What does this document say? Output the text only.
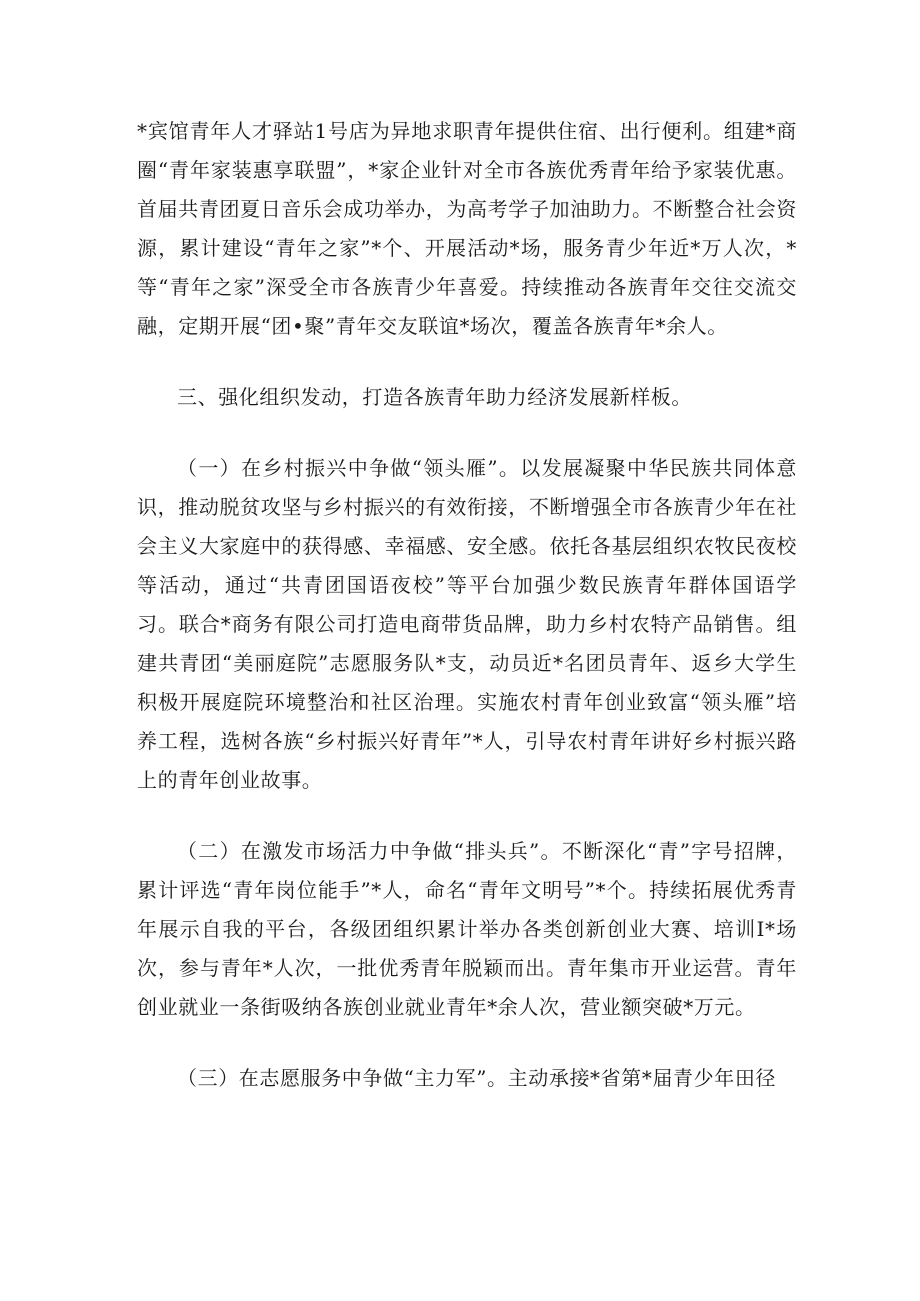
*宾馆青年人才驿站1号店为异地求职青年提供住宿、出行便利。组建*商圈“青年家装惠享联盟”，*家企业针对全市各族优秀青年给予家装优惠。首届共青团夏日音乐会成功举办，为高考学子加油助力。不断整合社会资源，累计建设“青年之家”*个、开展活动*场，服务青少年近*万人次，*等“青年之家”深受全市各族青少年喜爱。持续推动各族青年交往交流交融，定期开展“团•聚”青年交友联谊*场次，覆盖各族青年*余人。

三、强化组织发动，打造各族青年助力经济发展新样板。

（一）在乡村振兴中争做“领头雁”。以发展凝聚中华民族共同体意识，推动脱贫攻坚与乡村振兴的有效衔接，不断增强全市各族青少年在社会主义大家庭中的获得感、幸福感、安全感。依托各基层组织农牧民夜校等活动，通过“共青团国语夜校”等平台加强少数民族青年群体国语学习。联合*商务有限公司打造电商带货品牌，助力乡村农特产品销售。组建共青团“美丽庭院”志愿服务队*支，动员近*名团员青年、返乡大学生积极开展庭院环境整治和社区治理。实施农村青年创业致富“领头雁”培养工程，选树各族“乡村振兴好青年”*人，引导农村青年讲好乡村振兴路上的青年创业故事。

（二）在激发市场活力中争做“排头兵”。不断深化“青”字号招牌，累计评选“青年岗位能手”*人，命名“青年文明号”*个。持续拓展优秀青年展示自我的平台，各级团组织累计举办各类创新创业大赛、培训I*场次，参与青年*人次，一批优秀青年脱颖而出。青年集市开业运营。青年创业就业一条街吸纳各族创业就业青年*余人次，营业额突破*万元。

（三）在志愿服务中争做“主力军”。主动承接*省第*届青少年田径
